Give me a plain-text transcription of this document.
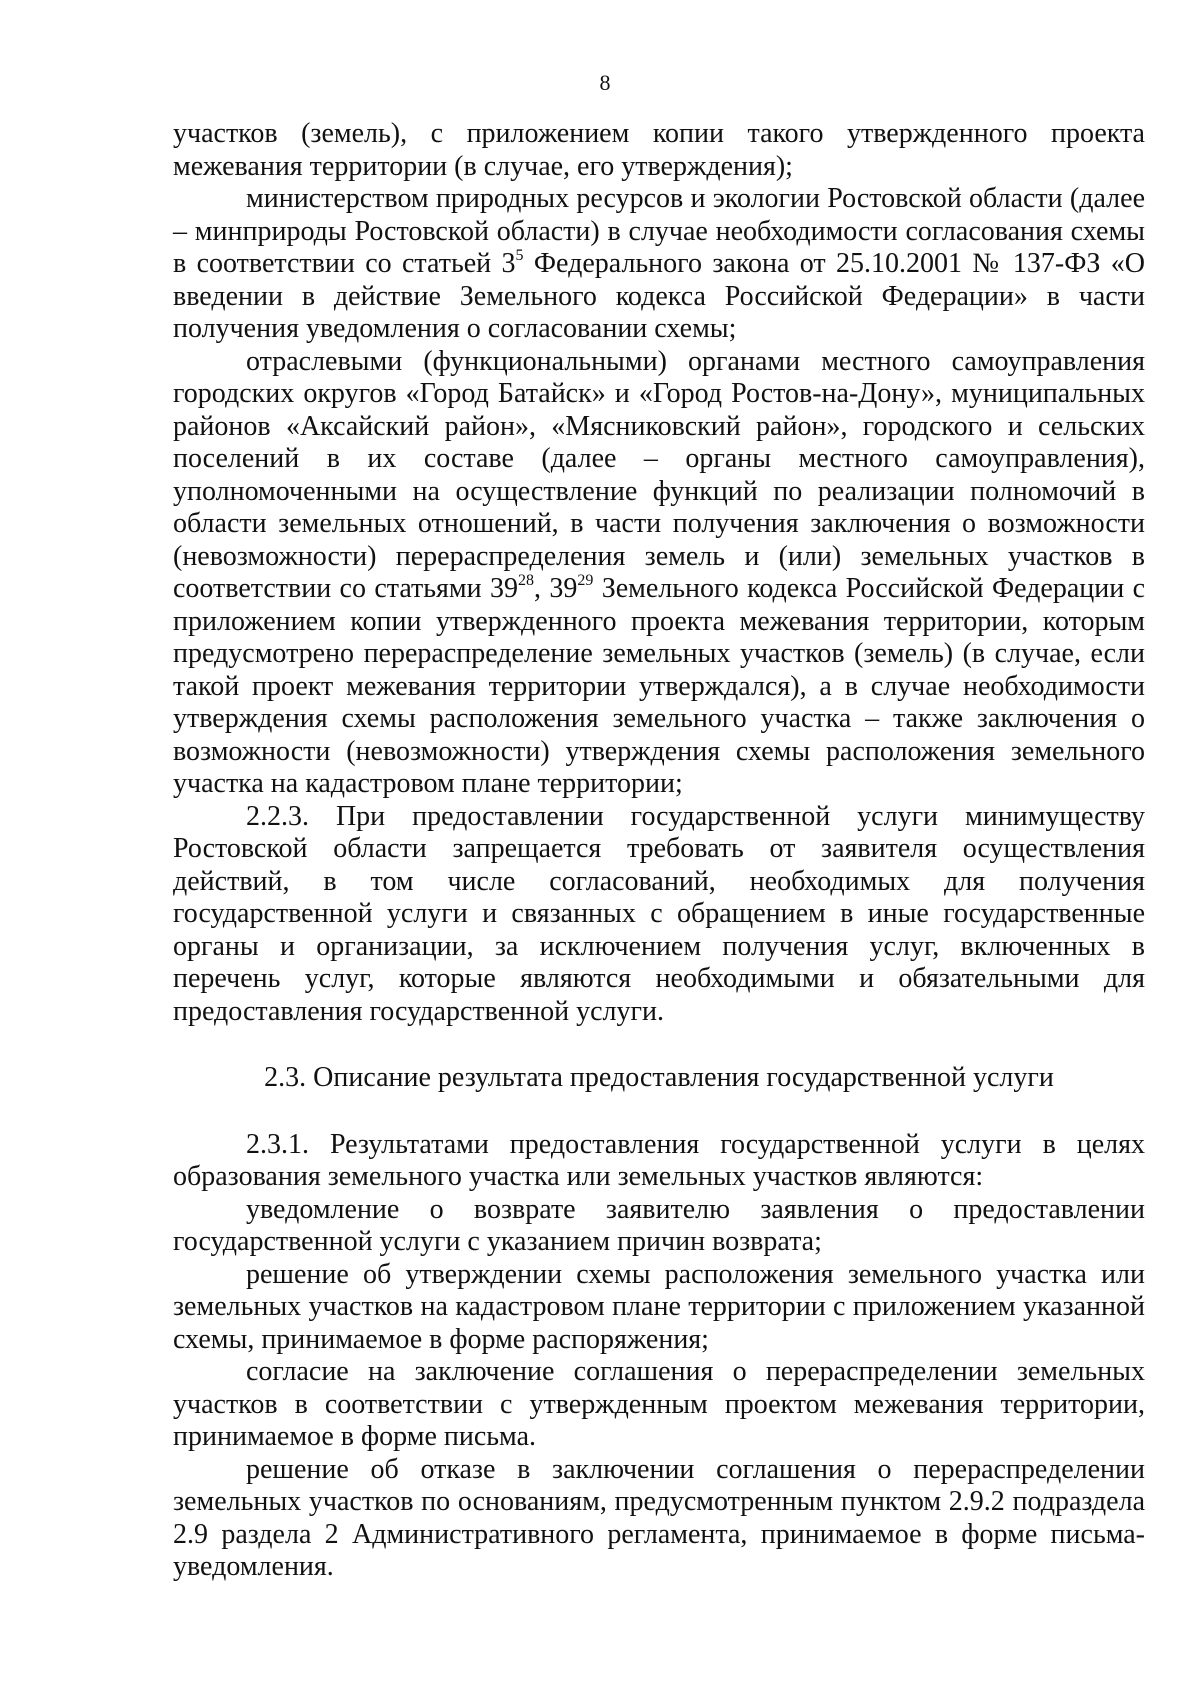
8

участков (земель), с приложением копии такого утвержденного проекта межевания территории (в случае, его утверждения);

министерством природных ресурсов и экологии Ростовской области (далее – минприроды Ростовской области) в случае необходимости согласования схемы в соответствии со статьей $3^5$ Федерального закона от 25.10.2001 № 137-ФЗ «О введении в действие Земельного кодекса Российской Федерации» в части получения уведомления о согласовании схемы;

отраслевыми (функциональными) органами местного самоуправления городских округов «Город Батайск» и «Город Ростов-на-Дону», муниципальных районов «Аксайский район», «Мясниковский район», городского и сельских поселений в их составе (далее – органы местного самоуправления), уполномоченными на осуществление функций по реализации полномочий в области земельных отношений, в части получения заключения о возможности (невозможности) перераспределения земель и (или) земельных участков в соответствии со статьями $39^{28}$, $39^{29}$ Земельного кодекса Российской Федерации с приложением копии утвержденного проекта межевания территории, которым предусмотрено перераспределение земельных участков (земель) (в случае, если такой проект межевания территории утверждался), а в случае необходимости утверждения схемы расположения земельного участка – также заключения о возможности (невозможности) утверждения схемы расположения земельного участка на кадастровом плане территории;

2.2.3. При предоставлении государственной услуги минимуществу Ростовской области запрещается требовать от заявителя осуществления действий, в том числе согласований, необходимых для получения государственной услуги и связанных с обращением в иные государственные органы и организации, за исключением получения услуг, включенных в перечень услуг, которые являются необходимыми и обязательными для предоставления государственной услуги.

2.3. Описание результата предоставления государственной услуги

2.3.1. Результатами предоставления государственной услуги в целях образования земельного участка или земельных участков являются:

уведомление о возврате заявителю заявления о предоставлении государственной услуги с указанием причин возврата;

решение об утверждении схемы расположения земельного участка или земельных участков на кадастровом плане территории с приложением указанной схемы, принимаемое в форме распоряжения;

согласие на заключение соглашения о перераспределении земельных участков в соответствии с утвержденным проектом межевания территории, принимаемое в форме письма.

решение об отказе в заключении соглашения о перераспределении земельных участков по основаниям, предусмотренным пунктом 2.9.2 подраздела 2.9 раздела 2 Административного регламента, принимаемое в форме письма-уведомления.
